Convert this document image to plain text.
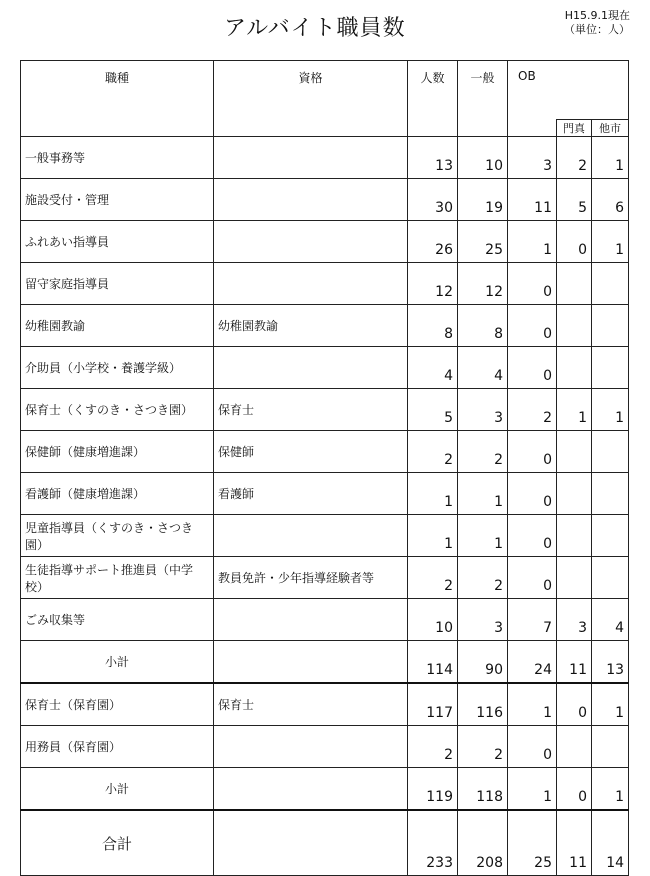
アルバイト職員数
H15.9.1現在
（単位：人）
職種	資格	人数	一般	OB		
					門真	他市
一般事務等		13	10	3	2	1
施設受付・管理		30	19	11	5	6
ふれあい指導員		26	25	1	0	1
留守家庭指導員		12	12	0		
幼稚園教諭	幼稚園教諭	8	8	0		
介助員（小学校・養護学級）		4	4	0		
保育士（くすのき・さつき園）	保育士	5	3	2	1	1
保健師（健康増進課）	保健師	2	2	0		
看護師（健康増進課）	看護師	1	1	0		
児童指導員（くすのき・さつき園）		1	1	0		
生徒指導サポート推進員（中学校）	教員免許・少年指導経験者等	2	2	0		
ごみ収集等		10	3	7	3	4
小計		114	90	24	11	13
保育士（保育園）	保育士	117	116	1	0	1
用務員（保育園）		2	2	0		
小計		119	118	1	0	1
合計		233	208	25	11	14
